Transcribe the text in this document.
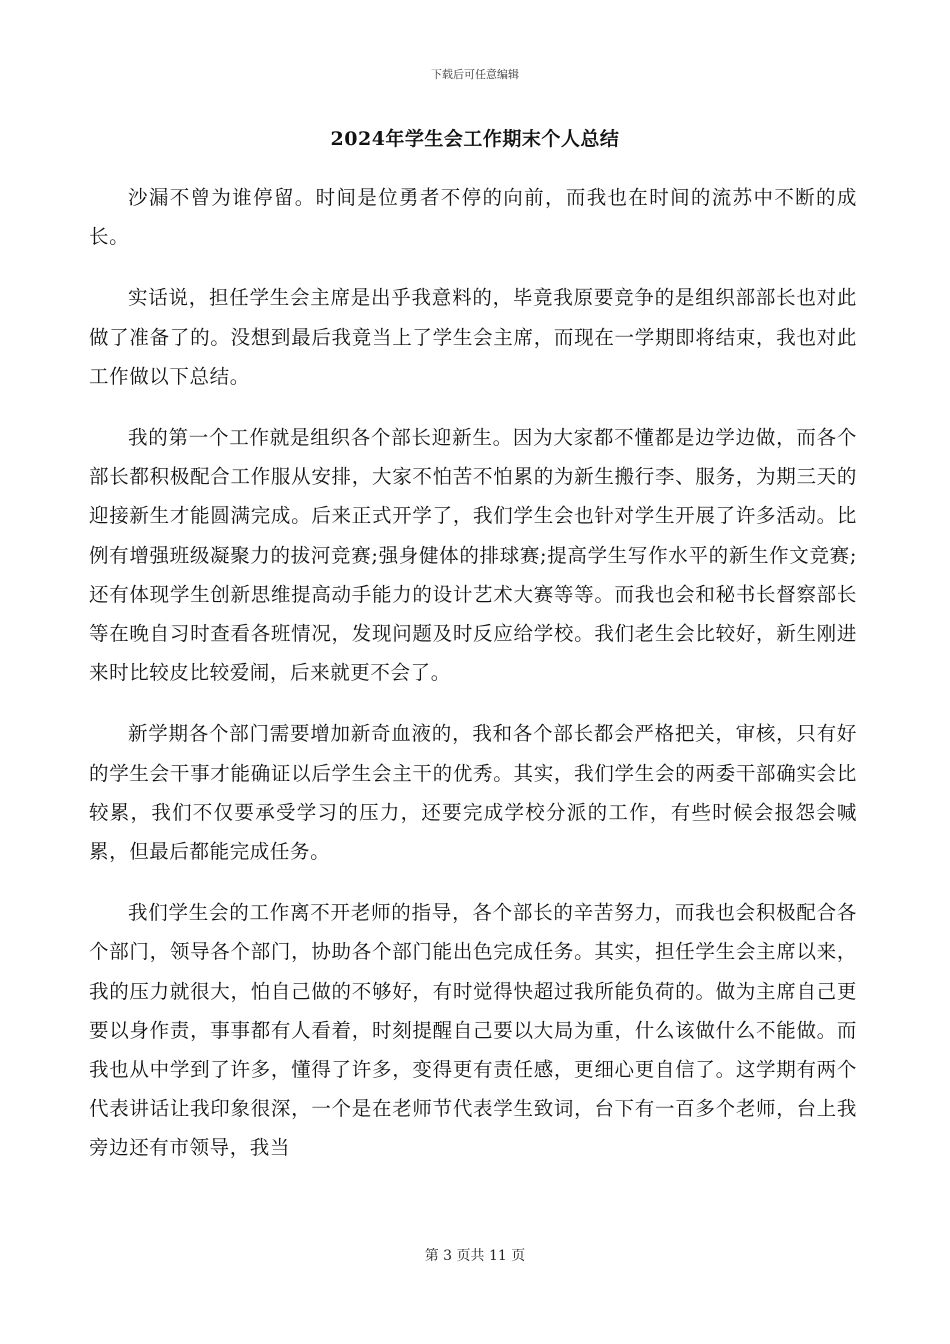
下载后可任意编辑
2024年学生会工作期末个人总结

沙漏不曾为谁停留。时间是位勇者不停的向前，而我也在时间的流苏中不断的成长。

实话说，担任学生会主席是出乎我意料的，毕竟我原要竞争的是组织部部长也对此做了准备了的。没想到最后我竟当上了学生会主席，而现在一学期即将结束，我也对此工作做以下总结。

我的第一个工作就是组织各个部长迎新生。因为大家都不懂都是边学边做，而各个部长都积极配合工作服从安排，大家不怕苦不怕累的为新生搬行李、服务，为期三天的迎接新生才能圆满完成。后来正式开学了，我们学生会也针对学生开展了许多活动。比例有增强班级凝聚力的拔河竞赛;强身健体的排球赛;提高学生写作水平的新生作文竞赛;还有体现学生创新思维提高动手能力的设计艺术大赛等等。而我也会和秘书长督察部长等在晚自习时查看各班情况，发现问题及时反应给学校。我们老生会比较好，新生刚进来时比较皮比较爱闹，后来就更不会了。

新学期各个部门需要增加新奇血液的，我和各个部长都会严格把关，审核，只有好的学生会干事才能确证以后学生会主干的优秀。其实，我们学生会的两委干部确实会比较累，我们不仅要承受学习的压力，还要完成学校分派的工作，有些时候会报怨会喊累，但最后都能完成任务。

我们学生会的工作离不开老师的指导，各个部长的辛苦努力，而我也会积极配合各个部门，领导各个部门，协助各个部门能出色完成任务。其实，担任学生会主席以来，我的压力就很大，怕自己做的不够好，有时觉得快超过我所能负荷的。做为主席自己更要以身作责，事事都有人看着，时刻提醒自己要以大局为重，什么该做什么不能做。而我也从中学到了许多，懂得了许多，变得更有责任感，更细心更自信了。这学期有两个代表讲话让我印象很深，一个是在老师节代表学生致词，台下有一百多个老师，台上我旁边还有市领导，我当

第 3 页共 11 页
